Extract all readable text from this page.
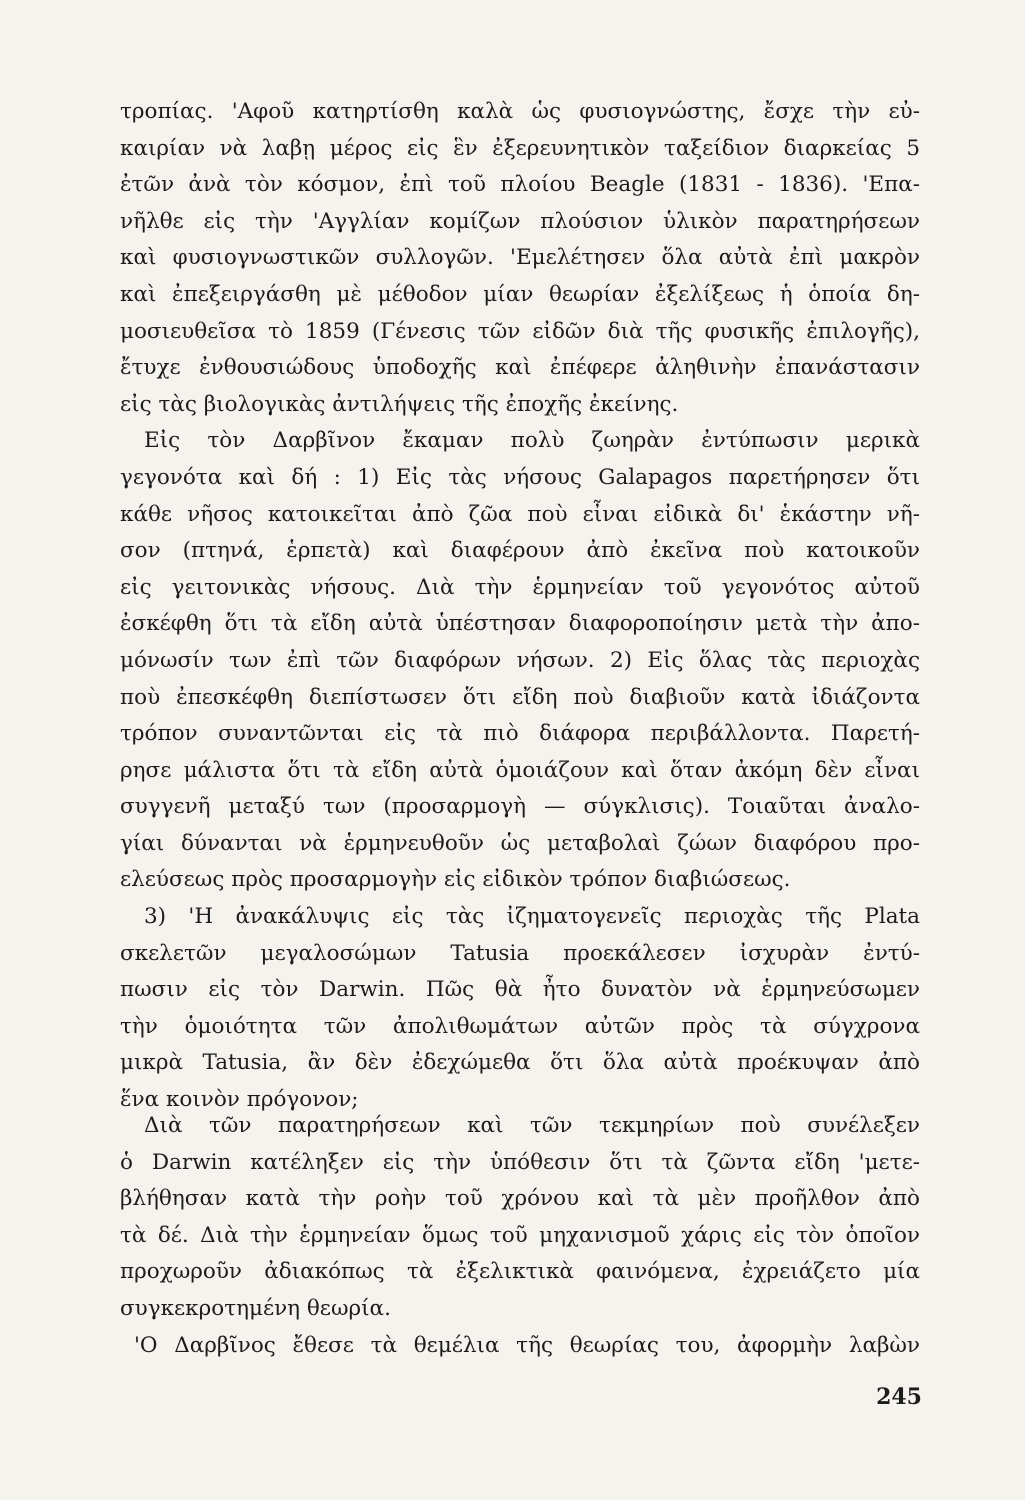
τροπίας. 'Αφοῦ κατηρτίσθη καλὰ ὡς φυσιογνώστης, ἔσχε τὴν εὐ-
καιρίαν νὰ λαβῃ μέρος εἰς ἓν ἐξερευνητικὸν ταξείδιον διαρκείας 5
ἐτῶν ἀνὰ τὸν κόσμον, ἐπὶ τοῦ πλοίου Beagle (1831 - 1836). 'Επα-
νῆλθε εἰς τὴν 'Αγγλίαν κομίζων πλούσιον ὑλικὸν παρατηρήσεων
καὶ φυσιογνωστικῶν συλλογῶν. 'Εμελέτησεν ὅλα αὐτὰ ἐπὶ μακρὸν
καὶ ἐπεξειργάσθη μὲ μέθοδον μίαν θεωρίαν ἐξελίξεως ἡ ὁποία δη-
μοσιευθεῖσα τὸ 1859 (Γένεσις τῶν εἰδῶν διὰ τῆς φυσικῆς ἐπιλογῆς),
ἔτυχε ἐνθουσιώδους ὑποδοχῆς καὶ ἐπέφερε ἀληθινὴν ἐπανάστασιν
εἰς τὰς βιολογικὰς ἀντιλήψεις τῆς ἐποχῆς ἐκείνης.
Εἰς τὸν Δαρβῖνον ἔκαμαν πολὺ ζωηρὰν ἐντύπωσιν μερικὰ
γεγονότα καὶ δή : 1) Εἰς τὰς νήσους Galapagos παρετήρησεν ὅτι
κάθε νῆσος κατοικεῖται ἀπὸ ζῶα ποὺ εἶναι εἰδικὰ δι' ἑκάστην νῆ-
σον (πτηνά, ἑρπετὰ) καὶ διαφέρουν ἀπὸ ἐκεῖνα ποὺ κατοικοῦν
εἰς γειτονικὰς νήσους. Διὰ τὴν ἑρμηνείαν τοῦ γεγονότος αὐτοῦ
ἐσκέφθη ὅτι τὰ εἴδη αὐτὰ ὑπέστησαν διαφοροποίησιν μετὰ τὴν ἀπο-
μόνωσίν των ἐπὶ τῶν διαφόρων νήσων. 2) Εἰς ὅλας τὰς περιοχὰς
ποὺ ἐπεσκέφθη διεπίστωσεν ὅτι εἴδη ποὺ διαβιοῦν κατὰ ἰδιάζοντα
τρόπον συναντῶνται εἰς τὰ πιὸ διάφορα περιβάλλοντα. Παρετή-
ρησε μάλιστα ὅτι τὰ εἴδη αὐτὰ ὁμοιάζουν καὶ ὅταν ἀκόμη δὲν εἶναι
συγγενῆ μεταξύ των (προσαρμογὴ — σύγκλισις). Τοιαῦται ἀναλο-
γίαι δύνανται νὰ ἑρμηνευθοῦν ὡς μεταβολαὶ ζώων διαφόρου προ-
ελεύσεως πρὸς προσαρμογὴν εἰς εἰδικὸν τρόπον διαβιώσεως.
3) 'Η ἀνακάλυψις εἰς τὰς ἰζηματογενεῖς περιοχὰς τῆς Plata
σκελετῶν μεγαλοσώμων Tatusia προεκάλεσεν ἰσχυρὰν ἐντύ-
πωσιν εἰς τὸν Darwin. Πῶς θὰ ἦτο δυνατὸν νὰ ἑρμηνεύσωμεν
τὴν ὁμοιότητα τῶν ἀπολιθωμάτων αὐτῶν πρὸς τὰ σύγχρονα
μικρὰ Tatusia, ἂν δὲν ἐδεχώμεθα ὅτι ὅλα αὐτὰ προέκυψαν ἀπὸ
ἕνα κοινὸν πρόγονον;
Διὰ τῶν παρατηρήσεων καὶ τῶν τεκμηρίων ποὺ συνέλεξεν
ὁ Darwin κατέληξεν εἰς τὴν ὑπόθεσιν ὅτι τὰ ζῶντα εἴδη 'μετε-
βλήθησαν κατὰ τὴν ροὴν τοῦ χρόνου καὶ τὰ μὲν προῆλθον ἀπὸ
τὰ δέ. Διὰ τὴν ἑρμηνείαν ὅμως τοῦ μηχανισμοῦ χάρις εἰς τὸν ὁποῖον
προχωροῦν ἀδιακόπως τὰ ἐξελικτικὰ φαινόμενα, ἐχρειάζετο μία
συγκεκροτημένη θεωρία.
'Ο Δαρβῖνος ἔθεσε τὰ θεμέλια τῆς θεωρίας του, ἀφορμὴν λαβὼν
245
